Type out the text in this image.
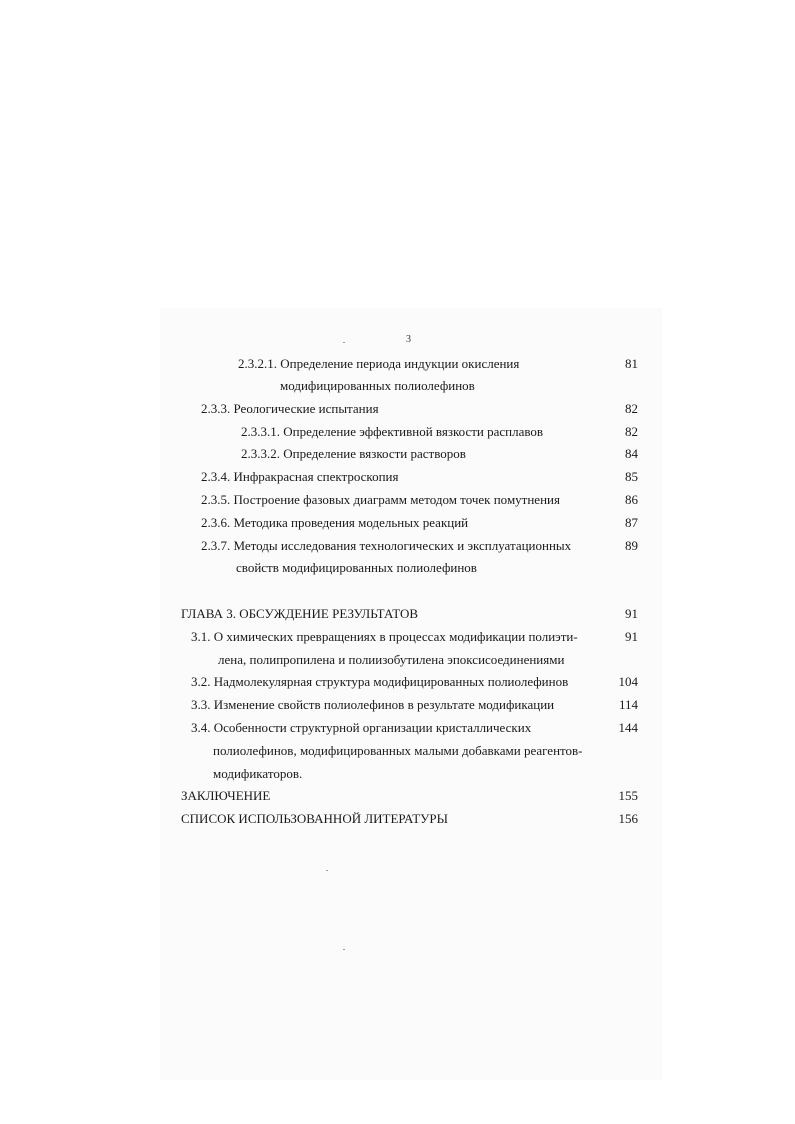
3
2.3.2.1. Определение периода индукции окисления	81
модифицированных полиолефинов
2.3.3. Реологические испытания	82
2.3.3.1. Определение эффективной вязкости расплавов	82
2.3.3.2. Определение вязкости растворов	84
2.3.4. Инфракрасная спектроскопия	85
2.3.5. Построение фазовых диаграмм методом точек помутнения	86
2.3.6. Методика проведения модельных реакций	87
2.3.7. Методы исследования технологических и эксплуатационных	89
свойств модифицированных полиолефинов
ГЛАВА 3. ОБСУЖДЕНИЕ РЕЗУЛЬТАТОВ	91
3.1. О химических превращениях в процессах модификации полиэти-	91
лена, полипропилена и полиизобутилена эпоксисоединениями
3.2. Надмолекулярная структура модифицированных полиолефинов	104
3.3. Изменение свойств полиолефинов в результате модификации	114
3.4. Особенности структурной организации кристаллических	144
полиолефинов, модифицированных малыми добавками реагентов-
модификаторов.
ЗАКЛЮЧЕНИЕ	155
СПИСОК ИСПОЛЬЗОВАННОЙ ЛИТЕРАТУРЫ	156
